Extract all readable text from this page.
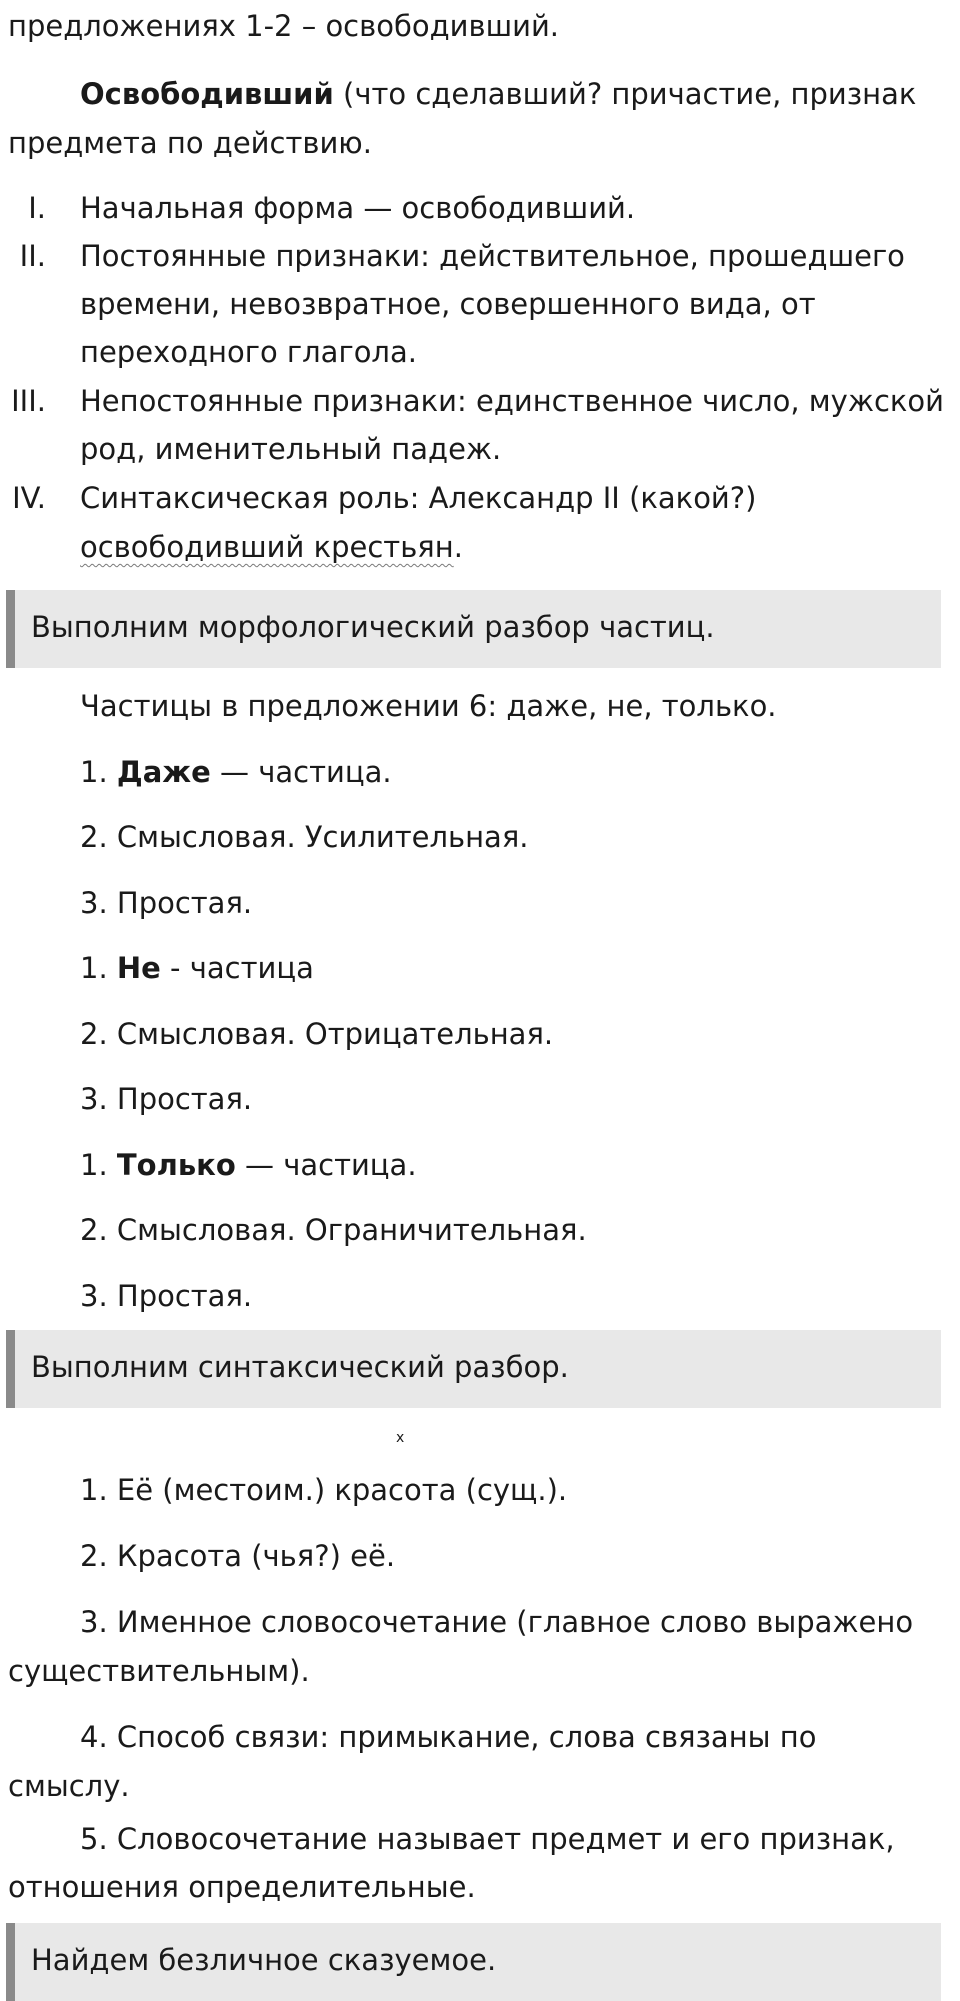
предложениях 1-2 – освободивший.
Освободивший (что сделавший? причастие, признак
предмета по действию.
I. Начальная форма — освободивший.
II. Постоянные признаки: действительное, прошедшего
времени, невозвратное, совершенного вида, от
переходного глагола.
III. Непостоянные признаки: единственное число, мужской
род, именительный падеж.
IV. Синтаксическая роль: Александр II (какой?)
освободивший крестьян.
Выполним морфологический разбор частиц.
Частицы в предложении 6: даже, не, только.
1. Даже — частица.
2. Смысловая. Усилительная.
3. Простая.
1. Не - частица
2. Смысловая. Отрицательная.
3. Простая.
1. Только — частица.
2. Смысловая. Ограничительная.
3. Простая.
Выполним синтаксический разбор.
x
1. Её (местоим.) красота (сущ.).
2. Красота (чья?) её.
3. Именное словосочетание (главное слово выражено
существительным).
4. Способ связи: примыкание, слова связаны по
смыслу.
5. Словосочетание называет предмет и его признак,
отношения определительные.
Найдем безличное сказуемое.
